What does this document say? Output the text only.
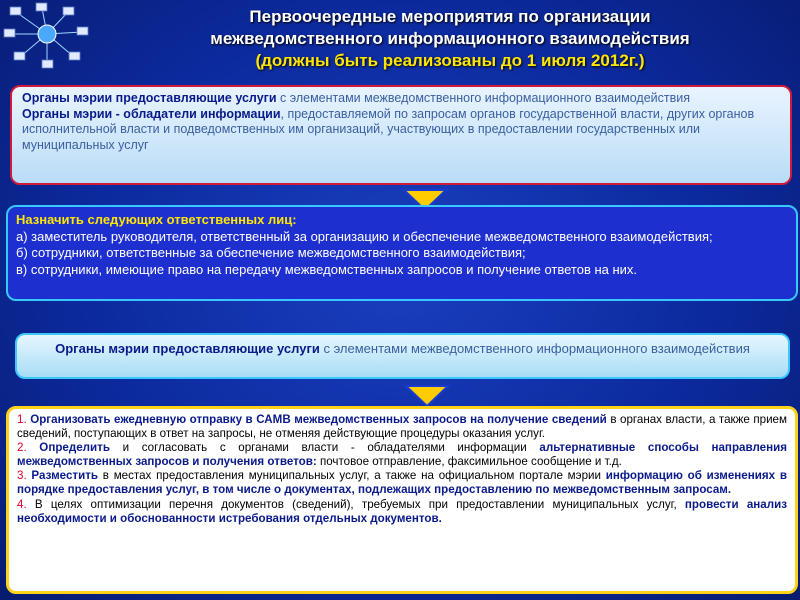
Первоочередные мероприятия по организации
межведомственного информационного взаимодействия
(должны быть реализованы до 1 июля 2012г.)

Органы мэрии предоставляющие услуги с элементами межведомственного информационного взаимодействия

Органы мэрии - обладатели информации, предоставляемой по запросам органов государственной власти, других органов исполнительной власти и подведомственных им организаций, участвующих в предоставлении государственных или муниципальных услуг

Назначить следующих ответственных лиц:

а) заместитель руководителя, ответственный за организацию и обеспечение межведомственного взаимодействия;

б) сотрудники, ответственные за обеспечение межведомственного взаимодействия;

в) сотрудники, имеющие право на передачу межведомственных запросов и получение ответов на них.

Органы мэрии предоставляющие услуги с элементами межведомственного информационного взаимодействия

1. Организовать ежедневную отправку в САМВ межведомственных запросов на получение сведений в органах власти, а также прием сведений, поступающих в ответ на запросы, не отменяя действующие процедуры оказания услуг.

2. Определить и согласовать с органами власти - обладателями информации альтернативные способы направления межведомственных запросов и получения ответов: почтовое отправление, факсимильное сообщение и т.д.

3. Разместить в местах предоставления муниципальных услуг, а также на официальном портале мэрии информацию об изменениях в порядке предоставления услуг, в том числе о документах, подлежащих предоставлению по межведомственным запросам.

4. В целях оптимизации перечня документов (сведений), требуемых при предоставлении муниципальных услуг, провести анализ необходимости и обоснованности истребования отдельных документов.
